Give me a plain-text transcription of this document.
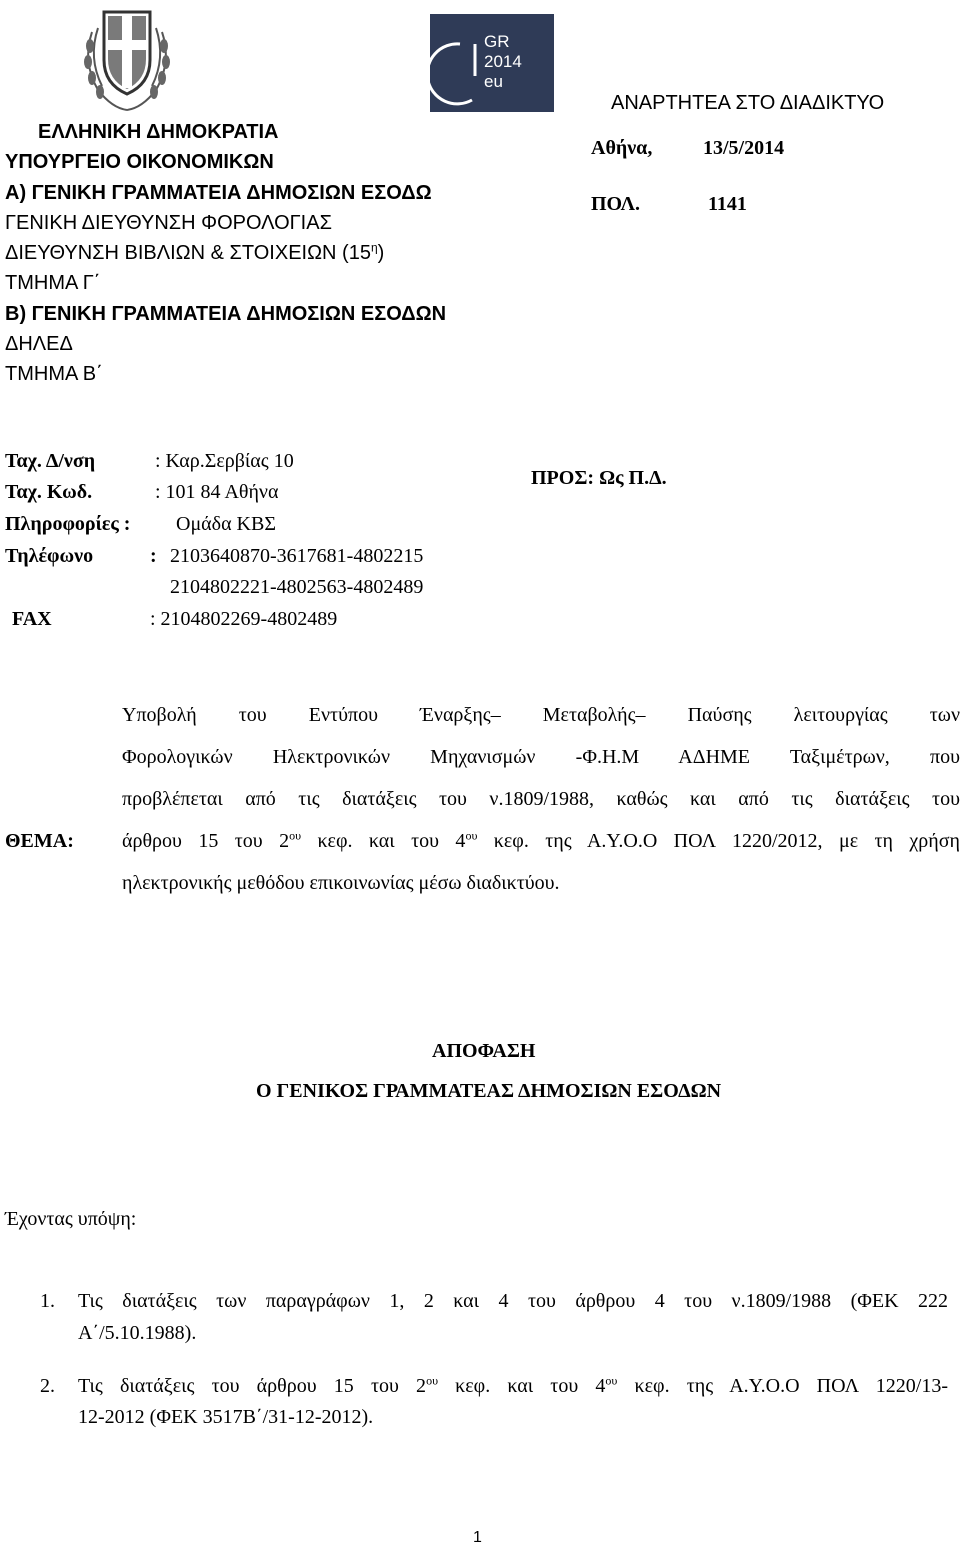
GR
2014
eu
ΕΛΛΗΝΙΚΗ ΔΗΜΟΚΡΑΤΙΑ
ΥΠΟΥΡΓΕΙΟ ΟΙΚΟΝΟΜΙΚΩΝ
Α) ΓΕΝΙΚΗ ΓΡΑΜΜΑΤΕΙΑ ΔΗΜΟΣΙΩΝ ΕΣΟΔΩ
ΓΕΝΙΚΗ ΔΙΕΥΘΥΝΣΗ ΦΟΡΟΛΟΓΙΑΣ
ΔΙΕΥΘΥΝΣΗ ΒΙΒΛΙΩΝ & ΣΤΟΙΧΕΙΩΝ $(15^\eta)$
ΤΜΗΜΑ Γ΄
Β) ΓΕΝΙΚΗ ΓΡΑΜΜΑΤΕΙΑ ΔΗΜΟΣΙΩΝ ΕΣΟΔΩΝ
ΔΗΛΕΔ
ΤΜΗΜΑ Β΄
ΑΝΑΡΤΗΤΕΑ ΣΤΟ ΔΙΑΔΙΚΤΥΟ
Αθήνα,	13/5/2014
ΠΟΛ.	1141
Ταχ. Δ/νση	: Καρ.Σερβίας 10
Ταχ. Κωδ.	: 101 84 Αθήνα
Πληροφορίες : Ομάδα ΚΒΣ
Τηλέφωνο	: 2103640870-3617681-4802215
2104802221-4802563-4802489
FAX	: 2104802269-4802489
ΠΡΟΣ: Ως Π.Δ.
ΘΕΜΑ:
Υποβολή του Εντύπου Έναρξης– Μεταβολής– Παύσης λειτουργίας των
Φορολογικών Ηλεκτρονικών Μηχανισμών -Φ.Η.Μ ΑΔΗΜΕ Ταξιμέτρων, που
προβλέπεται από τις διατάξεις του ν.1809/1988, καθώς και από τις διατάξεις του
άρθρου 15 του $2^{o\upsilon}$ κεφ. και του $4^{o\upsilon}$ κεφ. της Α.Υ.Ο.Ο ΠΟΛ 1220/2012, με τη χρήση
ηλεκτρονικής μεθόδου επικοινωνίας μέσω διαδικτύου.
ΑΠΟΦΑΣΗ
Ο ΓΕΝΙΚΟΣ ΓΡΑΜΜΑΤΕΑΣ ΔΗΜΟΣΙΩΝ ΕΣΟΔΩΝ
Έχοντας υπόψη:
1. Τις διατάξεις των παραγράφων 1, 2 και 4 του άρθρου 4 του ν.1809/1988 (ΦΕΚ 222
Α΄/5.10.1988).
2. Τις διατάξεις του άρθρου 15 του $2^{o\upsilon}$ κεφ. και του $4^{o\upsilon}$ κεφ. της Α.Υ.Ο.Ο ΠΟΛ 1220/13-
12-2012 (ΦΕΚ 3517Β΄/31-12-2012).
1
